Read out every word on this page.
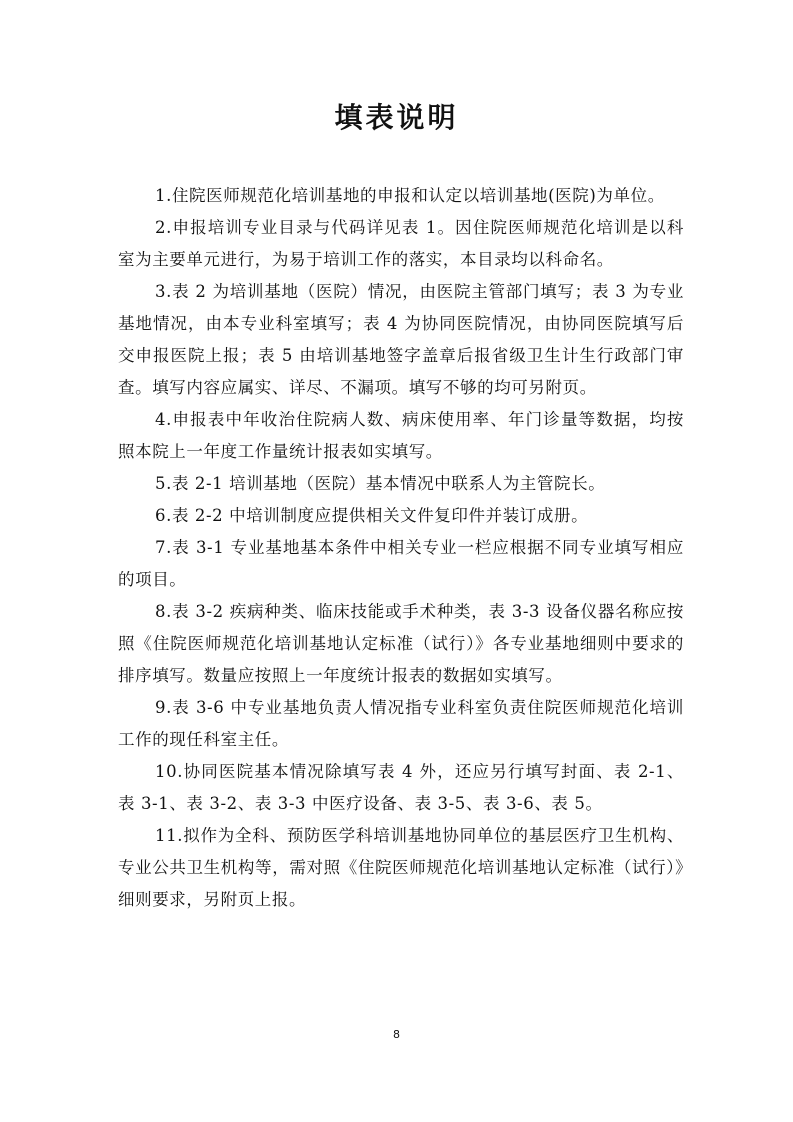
填表说明

1.住院医师规范化培训基地的申报和认定以培训基地(医院)为单位。

2.申报培训专业目录与代码详见表 1。因住院医师规范化培训是以科室为主要单元进行，为易于培训工作的落实，本目录均以科命名。

3.表 2 为培训基地（医院）情况，由医院主管部门填写；表 3 为专业基地情况，由本专业科室填写；表 4 为协同医院情况，由协同医院填写后交申报医院上报；表 5 由培训基地签字盖章后报省级卫生计生行政部门审查。填写内容应属实、详尽、不漏项。填写不够的均可另附页。

4.申报表中年收治住院病人数、病床使用率、年门诊量等数据，均按照本院上一年度工作量统计报表如实填写。

5.表 2-1 培训基地（医院）基本情况中联系人为主管院长。

6.表 2-2 中培训制度应提供相关文件复印件并装订成册。

7.表 3-1 专业基地基本条件中相关专业一栏应根据不同专业填写相应的项目。

8.表 3-2 疾病种类、临床技能或手术种类，表 3-3 设备仪器名称应按照《住院医师规范化培训基地认定标准（试行）》各专业基地细则中要求的排序填写。数量应按照上一年度统计报表的数据如实填写。

9.表 3-6 中专业基地负责人情况指专业科室负责住院医师规范化培训工作的现任科室主任。

10.协同医院基本情况除填写表 4 外，还应另行填写封面、表 2-1、表 3-1、表 3-2、表 3-3 中医疗设备、表 3-5、表 3-6、表 5。

11.拟作为全科、预防医学科培训基地协同单位的基层医疗卫生机构、专业公共卫生机构等，需对照《住院医师规范化培训基地认定标准（试行）》细则要求，另附页上报。

8
